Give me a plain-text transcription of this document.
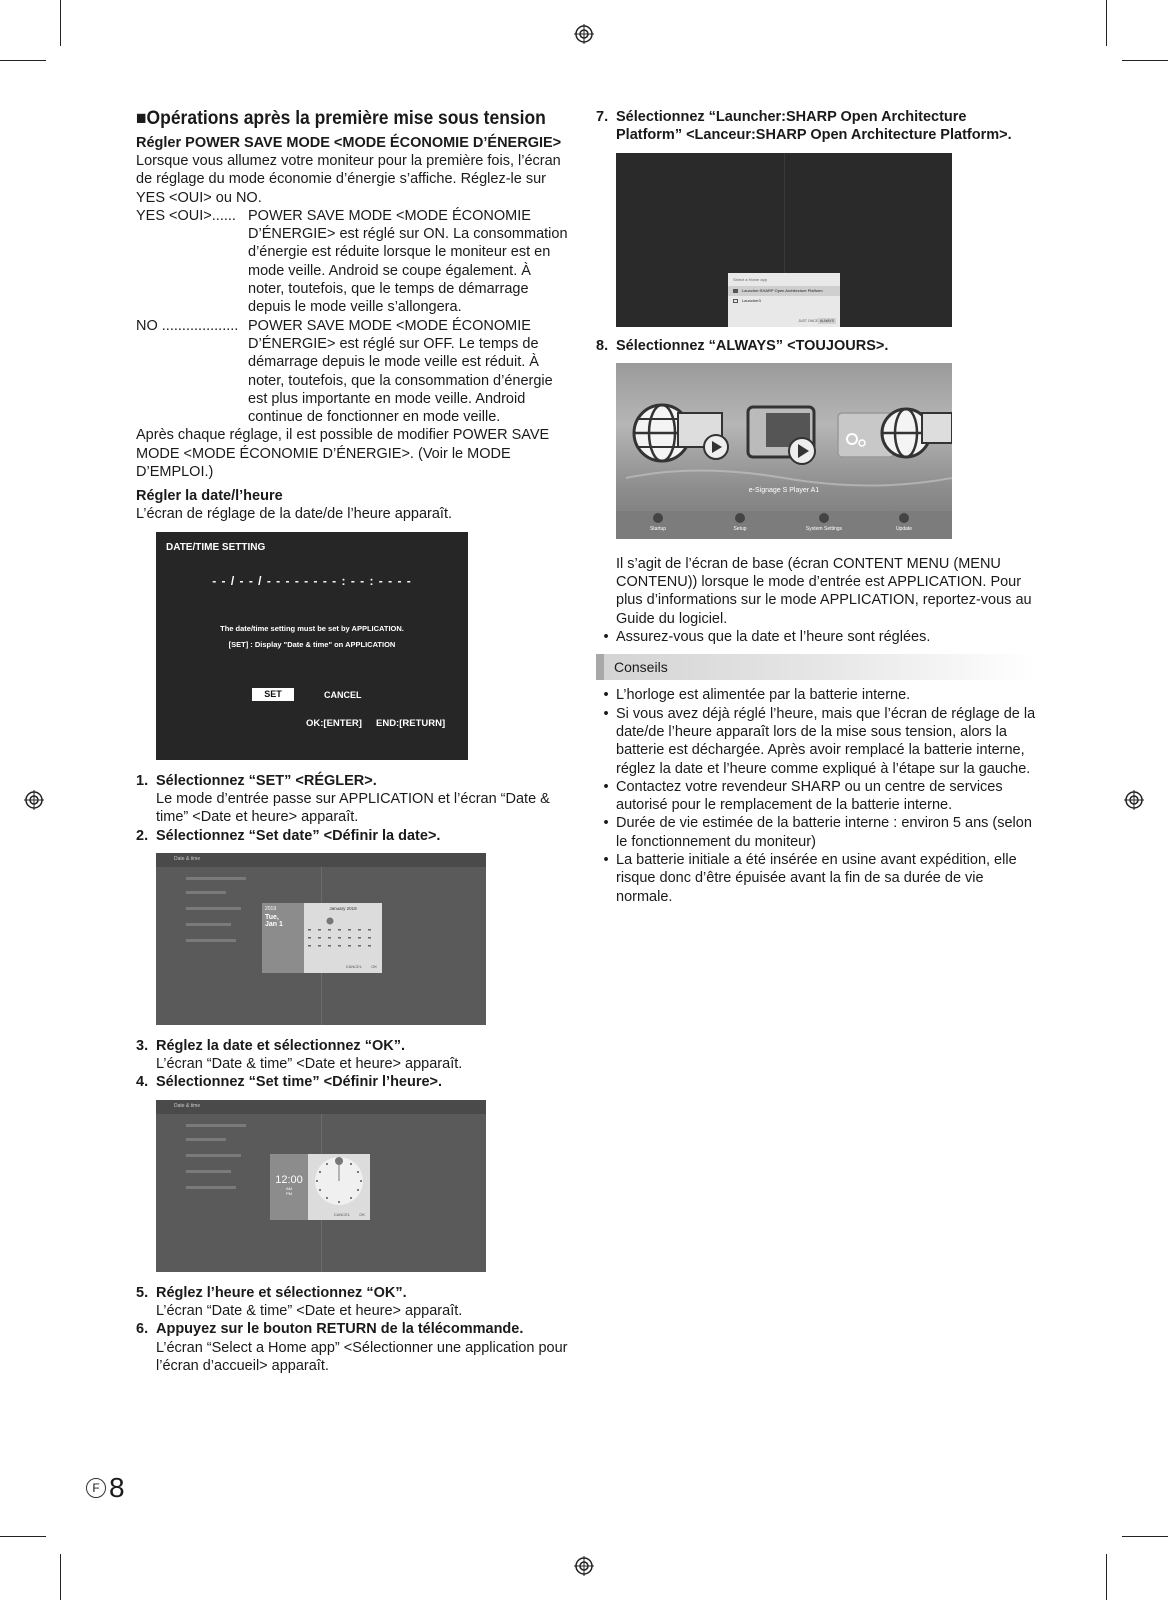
■Opérations après la première mise sous tension

Régler POWER SAVE MODE <MODE ÉCONOMIE D’ÉNERGIE>

Lorsque vous allumez votre moniteur pour la première fois, l’écran de réglage du mode économie d’énergie s’affiche. Réglez-le sur YES <OUI> ou NO.

YES <OUI>...... POWER SAVE MODE <MODE ÉCONOMIE D’ÉNERGIE> est réglé sur ON. La consommation d’énergie est réduite lorsque le moniteur est en mode veille. Android se coupe également. À noter, toutefois, que le temps de démarrage depuis le mode veille s’allongera.
NO ................... POWER SAVE MODE <MODE ÉCONOMIE D’ÉNERGIE> est réglé sur OFF. Le temps de démarrage depuis le mode veille est réduit. À noter, toutefois, que la consommation d’énergie est plus importante en mode veille. Android continue de fonctionner en mode veille.

Après chaque réglage, il est possible de modifier POWER SAVE MODE <MODE ÉCONOMIE D’ÉNERGIE>. (Voir le MODE D’EMPLOI.)

Régler la date/l’heure

L’écran de réglage de la date/de l’heure apparaît.

DATE/TIME SETTING
- - / - - / - - - - - - - - : - - : - - - -
The date/time setting must be set by APPLICATION.
[SET] : Display "Date & time" on APPLICATION
SET	CANCEL
OK:[ENTER] END:[RETURN]
1. Sélectionnez “SET” <RÉGLER>.

Le mode d’entrée passe sur APPLICATION et l’écran “Date & time” <Date et heure> apparaît.

2. Sélectionnez “Set date” <Définir la date>.

Date & time
2019
Tue,
Jan 1
January 2019
CANCEL OK
3. Réglez la date et sélectionnez “OK”.

L’écran “Date & time” <Date et heure> apparaît.

4. Sélectionnez “Set time” <Définir l’heure>.

Date & time
12:00
AM
PM
CANCEL OK
5. Réglez l’heure et sélectionnez “OK”.

L’écran “Date & time” <Date et heure> apparaît.

6. Appuyez sur le bouton RETURN de la télécommande.

L’écran “Select a Home app” <Sélectionner une application pour l’écran d’accueil> apparaît.

7. Sélectionnez “Launcher:SHARP Open Architecture Platform” <Lanceur:SHARP Open Architecture Platform>.

Select a Home app
Launcher:SHARP Open Architecture Platform
Launcher3
JUST ONCE ALWAYS
8. Sélectionnez “ALWAYS” <TOUJOURS>.

e-Signage S Player A1
Startup	Setup	System Settings	Update

Il s’agit de l’écran de base (écran CONTENT MENU (MENU CONTENU)) lorsque le mode d’entrée est APPLICATION. Pour plus d’informations sur le mode APPLICATION, reportez-vous au Guide du logiciel.

• Assurez-vous que la date et l’heure sont réglées.
Conseils
• L’horloge est alimentée par la batterie interne.
• Si vous avez déjà réglé l’heure, mais que l’écran de réglage de la date/de l’heure apparaît lors de la mise sous tension, alors la batterie est déchargée. Après avoir remplacé la batterie interne, réglez la date et l’heure comme expliqué à l’étape sur la gauche.
• Contactez votre revendeur SHARP ou un centre de services autorisé pour le remplacement de la batterie interne.
• Durée de vie estimée de la batterie interne : environ 5 ans (selon le fonctionnement du moniteur)
• La batterie initiale a été insérée en usine avant expédition, elle risque donc d’être épuisée avant la fin de sa durée de vie normale.
F 8
